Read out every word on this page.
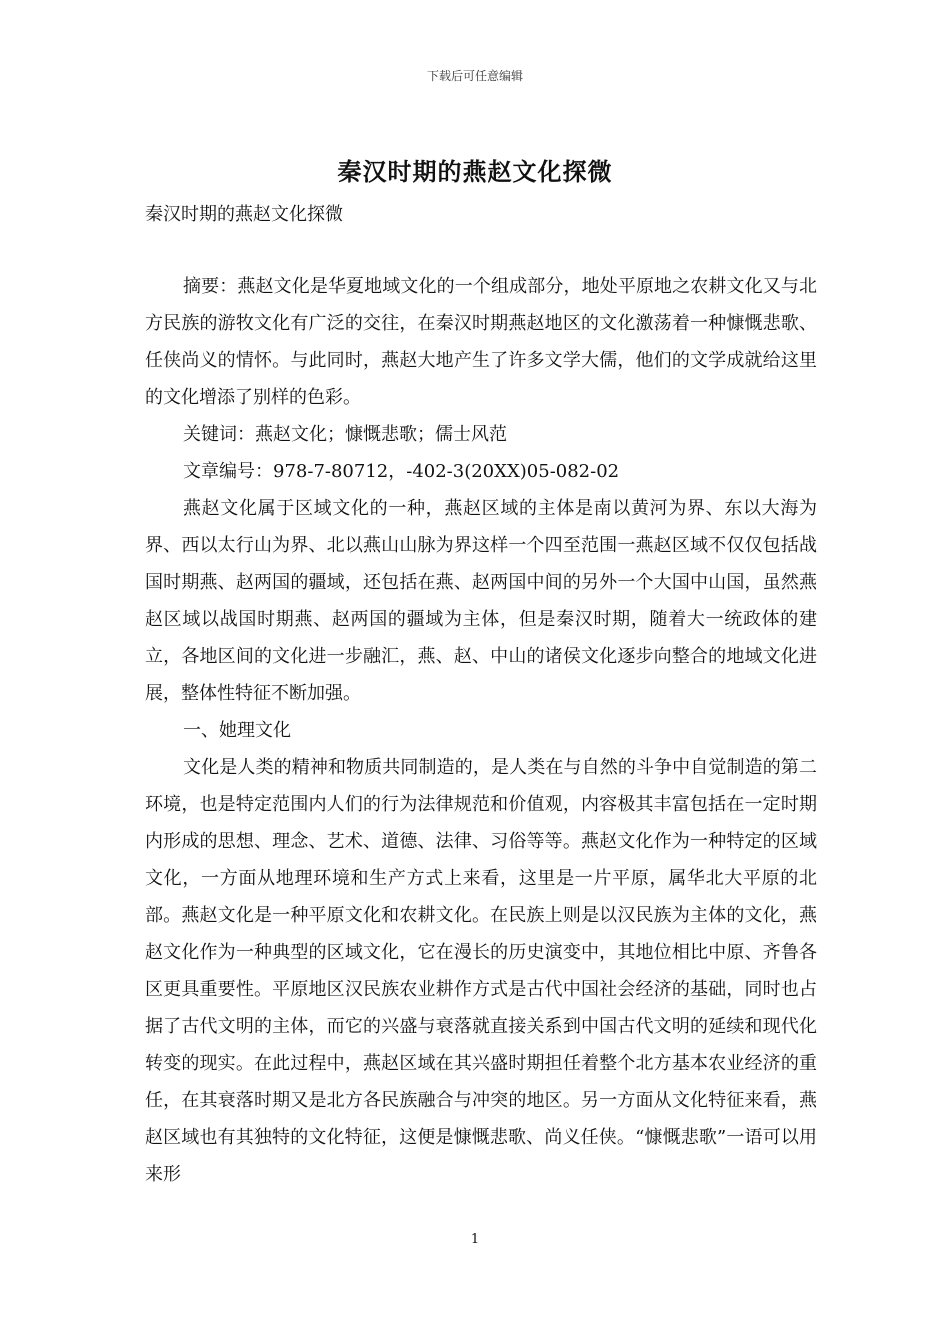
下载后可任意编辑
秦汉时期的燕赵文化探微
秦汉时期的燕赵文化探微

摘要：燕赵文化是华夏地域文化的一个组成部分，地处平原地之农耕文化又与北方民族的游牧文化有广泛的交往，在秦汉时期燕赵地区的文化激荡着一种慷慨悲歌、任侠尚义的情怀。与此同时，燕赵大地产生了许多文学大儒，他们的文学成就给这里的文化增添了别样的色彩。

关键词：燕赵文化；慷慨悲歌；儒士风范

文章编号：978-7-80712，-402-3(20XX)05-082-02

燕赵文化属于区域文化的一种，燕赵区域的主体是南以黄河为界、东以大海为界、西以太行山为界、北以燕山山脉为界这样一个四至范围一燕赵区域不仅仅包括战国时期燕、赵两国的疆域，还包括在燕、赵两国中间的另外一个大国中山国，虽然燕赵区域以战国时期燕、赵两国的疆域为主体，但是秦汉时期，随着大一统政体的建立，各地区间的文化进一步融汇，燕、赵、中山的诸侯文化逐步向整合的地域文化进展，整体性特征不断加强。

一、她理文化

文化是人类的精神和物质共同制造的，是人类在与自然的斗争中自觉制造的第二环境，也是特定范围内人们的行为法律规范和价值观，内容极其丰富包括在一定时期内形成的思想、理念、艺术、道德、法律、习俗等等。燕赵文化作为一种特定的区域文化，一方面从地理环境和生产方式上来看，这里是一片平原，属华北大平原的北部。燕赵文化是一种平原文化和农耕文化。在民族上则是以汉民族为主体的文化，燕赵文化作为一种典型的区域文化，它在漫长的历史演变中，其地位相比中原、齐鲁各区更具重要性。平原地区汉民族农业耕作方式是古代中国社会经济的基础，同时也占据了古代文明的主体，而它的兴盛与衰落就直接关系到中国古代文明的延续和现代化转变的现实。在此过程中，燕赵区域在其兴盛时期担任着整个北方基本农业经济的重任，在其衰落时期又是北方各民族融合与冲突的地区。另一方面从文化特征来看，燕赵区域也有其独特的文化特征，这便是慷慨悲歌、尚义任侠。“慷慨悲歌”一语可以用来形

1
